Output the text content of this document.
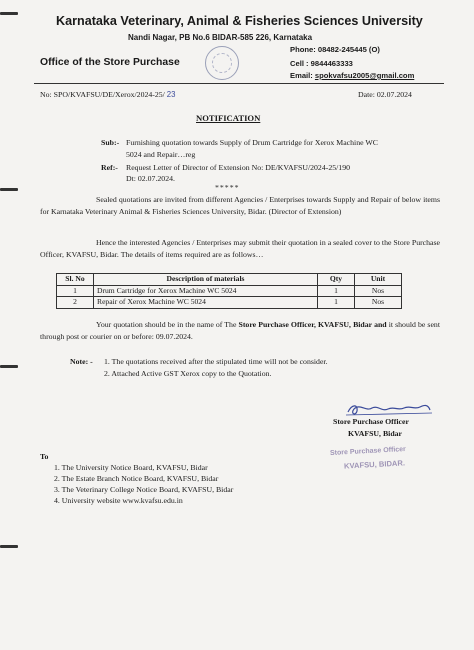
Karnataka Veterinary, Animal & Fisheries Sciences University
Nandi Nagar, PB No.6 BIDAR-585 226, Karnataka
Office of the Store Purchase
Phone: 08482-245445 (O)
Cell : 9844463333
Email: spokvafsu2005@gmail.com
No: SPO/KVAFSU/DE/Xerox/2024-25/ 23	Date: 02.07.2024
NOTIFICATION
Sub:- Furnishing quotation towards Supply of Drum Cartridge for Xerox Machine WC
5024 and Repair…reg
Ref:- Request Letter of Director of Extension No: DE/KVAFSU/2024-25/190
Dt: 02.07.2024.
*****
Sealed quotations are invited from different Agencies / Enterprises towards Supply and Repair of below items for Karnataka Veterinary Animal & Fisheries Sciences University, Bidar. (Director of Extension)
Hence the interested Agencies / Enterprises may submit their quotation in a sealed cover to the Store Purchase Officer, KVAFSU, Bidar. The details of items required are as follows…
Sl. No	Description of materials	Qty	Unit
1	Drum Cartridge for Xerox Machine WC 5024	1	Nos
2	Repair of Xerox Machine WC 5024	1	Nos
Your quotation should be in the name of The Store Purchase Officer, KVAFSU, Bidar and it should be sent through post or courier on or before: 09.07.2024.
Note: - 1. The quotations received after the stipulated time will not be consider.
2. Attached Active GST Xerox copy to the Quotation.
Store Purchase Officer
KVAFSU, Bidar
Store Purchase Officer
KVAFSU, BIDAR.
To
1. The University Notice Board, KVAFSU, Bidar
2. The Estate Branch Notice Board, KVAFSU, Bidar
3. The Veterinary College Notice Board, KVAFSU, Bidar
4. University website www.kvafsu.edu.in
